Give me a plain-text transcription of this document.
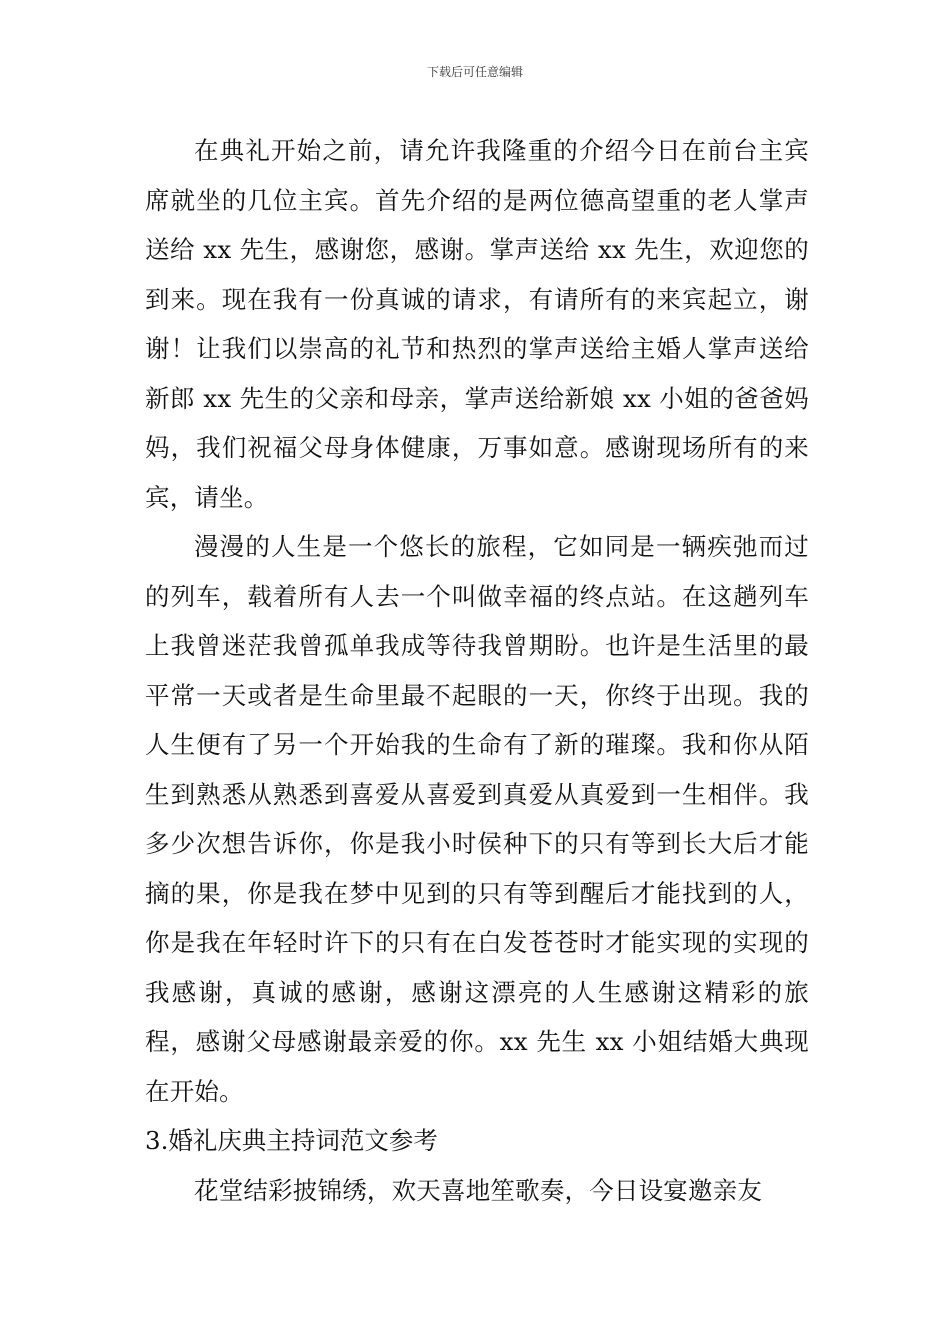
下载后可任意编辑

在典礼开始之前，请允许我隆重的介绍今日在前台主宾席就坐的几位主宾。首先介绍的是两位德高望重的老人掌声送给 xx 先生，感谢您，感谢。掌声送给 xx 先生，欢迎您的到来。现在我有一份真诚的请求，有请所有的来宾起立，谢谢！让我们以崇高的礼节和热烈的掌声送给主婚人掌声送给新郎 xx 先生的父亲和母亲，掌声送给新娘 xx 小姐的爸爸妈妈，我们祝福父母身体健康，万事如意。感谢现场所有的来宾，请坐。

漫漫的人生是一个悠长的旅程，它如同是一辆疾弛而过的列车，载着所有人去一个叫做幸福的终点站。在这趟列车上我曾迷茫我曾孤单我成等待我曾期盼。也许是生活里的最平常一天或者是生命里最不起眼的一天，你终于出现。我的人生便有了另一个开始我的生命有了新的璀璨。我和你从陌生到熟悉从熟悉到喜爱从喜爱到真爱从真爱到一生相伴。我多少次想告诉你，你是我小时侯种下的只有等到长大后才能摘的果，你是我在梦中见到的只有等到醒后才能找到的人，你是我在年轻时许下的只有在白发苍苍时才能实现的实现的我感谢，真诚的感谢，感谢这漂亮的人生感谢这精彩的旅程，感谢父母感谢最亲爱的你。xx 先生 xx 小姐结婚大典现在开始。

3.婚礼庆典主持词范文参考

花堂结彩披锦绣，欢天喜地笙歌奏，今日设宴邀亲友
